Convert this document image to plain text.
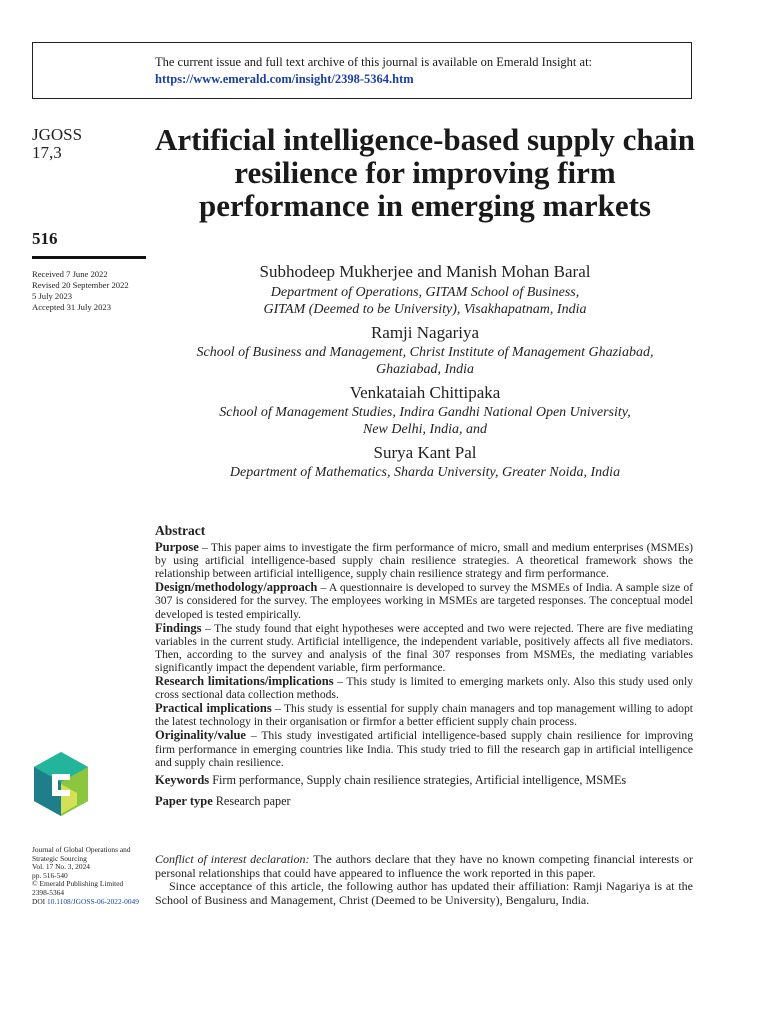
The current issue and full text archive of this journal is available on Emerald Insight at:
https://www.emerald.com/insight/2398-5364.htm
JGOSS
17,3
516
Received 7 June 2022
Revised 20 September 2022
5 July 2023
Accepted 31 July 2023
Artificial intelligence-based supply chain resilience for improving firm performance in emerging markets
Subhodeep Mukherjee and Manish Mohan Baral
Department of Operations, GITAM School of Business,
GITAM (Deemed to be University), Visakhapatnam, India
Ramji Nagariya
School of Business and Management, Christ Institute of Management Ghaziabad,
Ghaziabad, India
Venkataiah Chittipaka
School of Management Studies, Indira Gandhi National Open University,
New Delhi, India, and
Surya Kant Pal
Department of Mathematics, Sharda University, Greater Noida, India
Abstract
Purpose – This paper aims to investigate the firm performance of micro, small and medium enterprises (MSMEs) by using artificial intelligence-based supply chain resilience strategies. A theoretical framework shows the relationship between artificial intelligence, supply chain resilience strategy and firm performance.
Design/methodology/approach – A questionnaire is developed to survey the MSMEs of India. A sample size of 307 is considered for the survey. The employees working in MSMEs are targeted responses. The conceptual model developed is tested empirically.
Findings – The study found that eight hypotheses were accepted and two were rejected. There are five mediating variables in the current study. Artificial intelligence, the independent variable, positively affects all five mediators. Then, according to the survey and analysis of the final 307 responses from MSMEs, the mediating variables significantly impact the dependent variable, firm performance.
Research limitations/implications – This study is limited to emerging markets only. Also this study used only cross sectional data collection methods.
Practical implications – This study is essential for supply chain managers and top management willing to adopt the latest technology in their organisation or firmfor a better efficient supply chain process.
Originality/value – This study investigated artificial intelligence-based supply chain resilience for improving firm performance in emerging countries like India. This study tried to fill the research gap in artificial intelligence and supply chain resilience.
Keywords Firm performance, Supply chain resilience strategies, Artificial intelligence, MSMEs
Paper type Research paper
Journal of Global Operations and
Strategic Sourcing
Vol. 17 No. 3, 2024
pp. 516-540
© Emerald Publishing Limited
2398-5364
DOI 10.1108/JGOSS-06-2022-0049

Conflict of interest declaration: The authors declare that they have no known competing financial interests or personal relationships that could have appeared to influence the work reported in this paper.

Since acceptance of this article, the following author has updated their affiliation: Ramji Nagariya is at the School of Business and Management, Christ (Deemed to be University), Bengaluru, India.
